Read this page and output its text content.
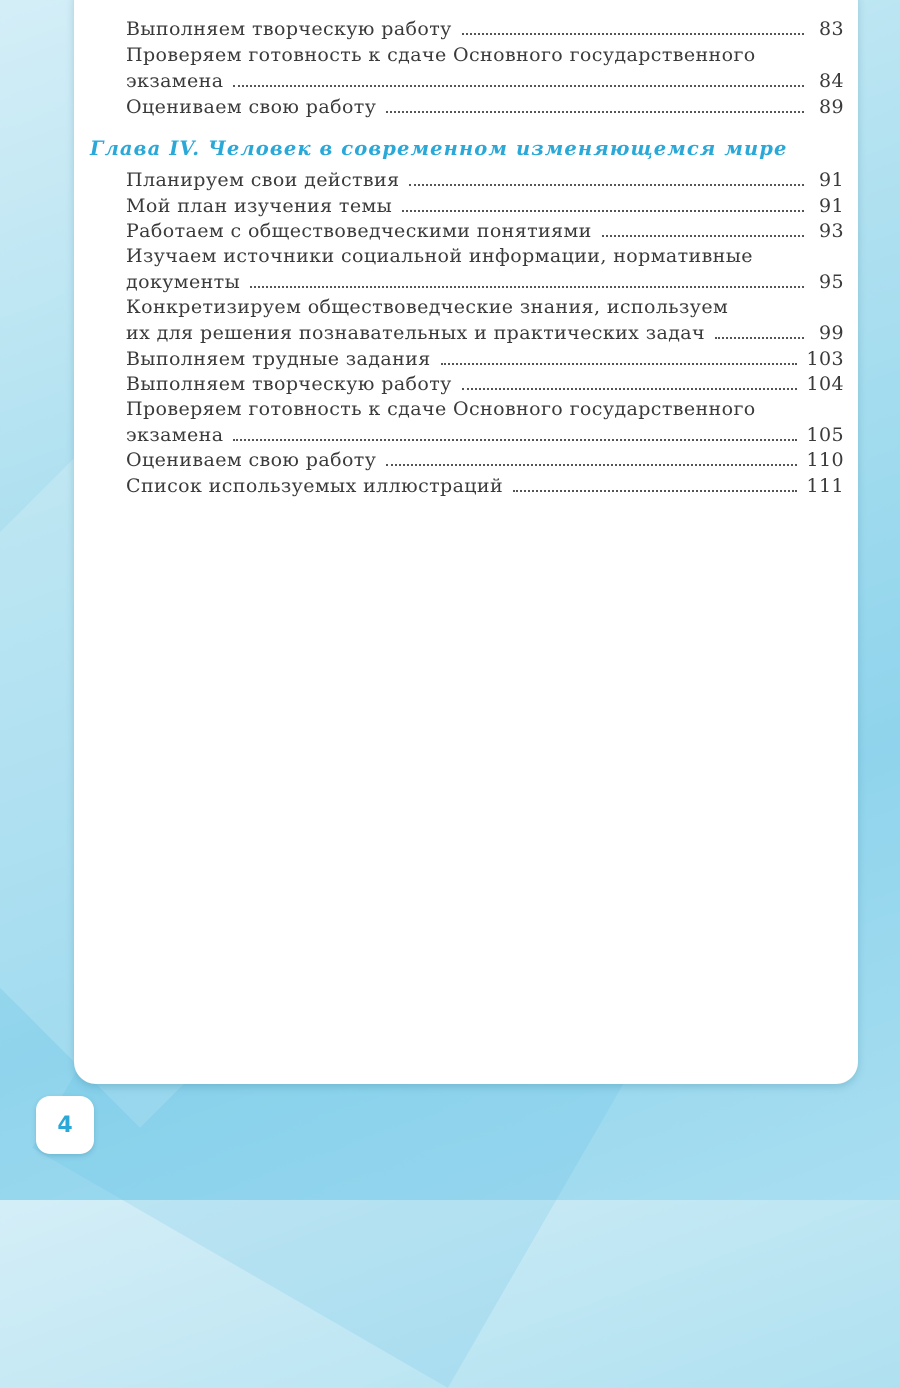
Выполняем творческую работу	83
Проверяем готовность к сдаче Основного государственного
экзамена	84
Оцениваем свою работу	89
Глава IV. Человек в современном изменяющемся мире
Планируем свои действия	91
Мой план изучения темы	91
Работаем с обществоведческими понятиями	93
Изучаем источники социальной информации, нормативные
документы	95
Конкретизируем обществоведческие знания, используем
их для решения познавательных и практических задач	99
Выполняем трудные задания	103
Выполняем творческую работу	104
Проверяем готовность к сдаче Основного государственного
экзамена	105
Оцениваем свою работу	110
Список используемых иллюстраций	111
4
